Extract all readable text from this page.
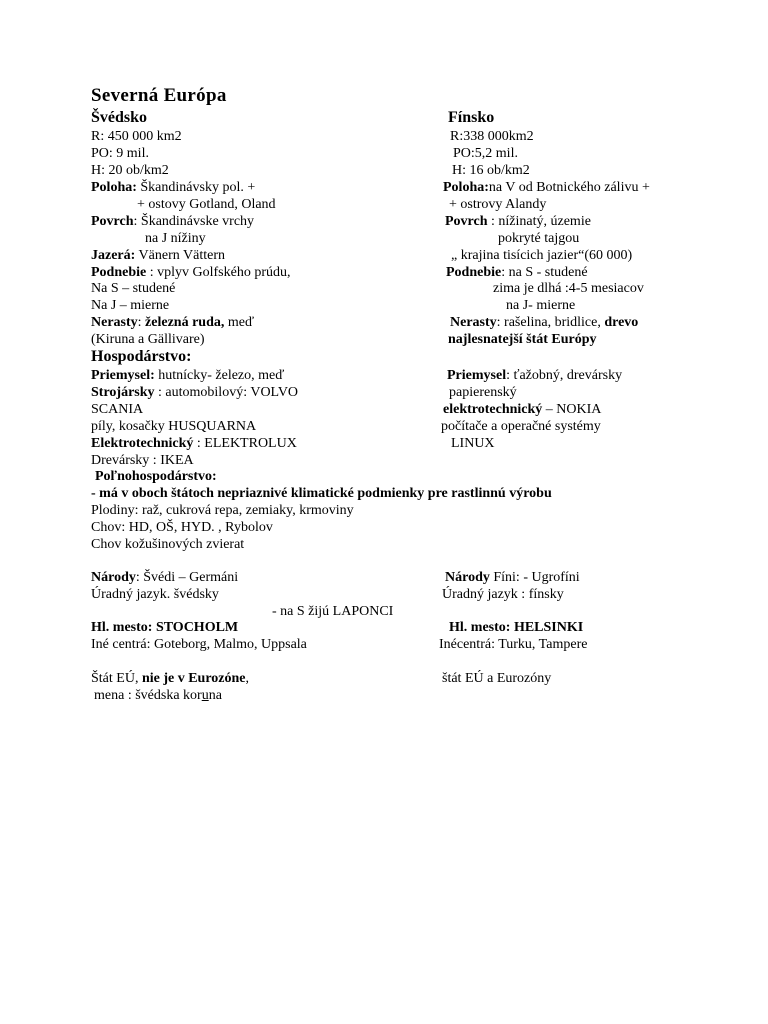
Severná Európa
Švédsko
R: 450 000 km2
PO: 9 mil.
H: 20 ob/km2
Poloha: Škandinávsky pol. +
+ ostovy Gotland, Oland
Povrch: Škandinávske vrchy
na J nížiny
Jazerá: Vänern Vättern
Podnebie : vplyv Golfského prúdu,
Na S – studené
Na J – mierne
Nerasty: železná ruda, meď
(Kiruna a Gällivare)
Fínsko
R:338 000km2
PO:5,2 mil.
H: 16 ob/km2
Poloha:na V od Botnického zálivu +
+ ostrovy Alandy
Povrch : nížinatý, územie
pokryté tajgou
„ krajina tisícich jazier“(60 000)
Podnebie: na S - studené
zima je dlhá :4-5 mesiacov
na J- mierne
Nerasty: rašelina, bridlice, drevo
najlesnatejší štát Európy
Hospodárstvo:
Priemysel: hutnícky- železo, meď
Strojársky : automobilový: VOLVO
SCANIA
píly, kosačky HUSQUARNA
Elektrotechnický : ELEKTROLUX
Drevársky : IKEA
Priemysel: ťažobný, drevársky
papierenský
elektrotechnický – NOKIA
počítače a operačné systémy
LINUX
Poľnohospodárstvo:
- má v oboch štátoch nepriaznivé klimatické podmienky pre rastlinnú výrobu
Plodiny: raž, cukrová repa, zemiaky, krmoviny
Chov: HD, OŠ, HYD. , Rybolov
Chov kožušinových zvierat
Národy: Švédi – Germáni
Úradný jazyk. švédsky
- na S žijú LAPONCI
Hl. mesto: STOCHOLM
Iné centrá: Goteborg, Malmo, Uppsala
Štát EÚ, nie je v Eurozóne,
mena : švédska koruna
Národy Fíni: - Ugrofíni
Úradný jazyk : fínsky
Hl. mesto: HELSINKI
Inécentrá: Turku, Tampere
štát EÚ a Eurozóny
